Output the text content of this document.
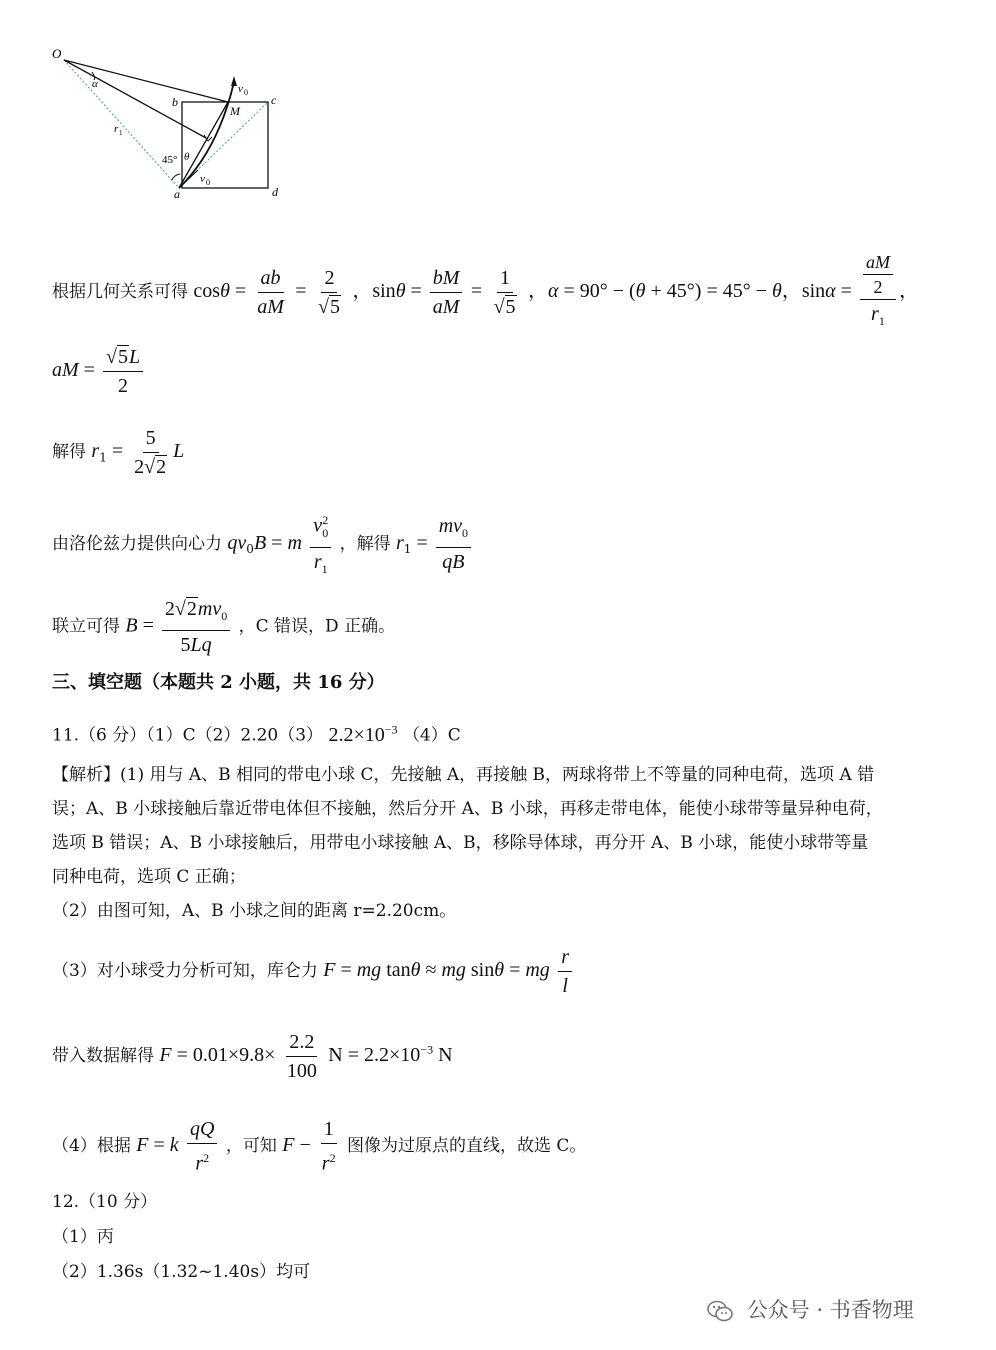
O
α	v 0
b
M
c
r 1
45° θ
v 0
a	d
根据几何关系可得 $\cos\theta = \frac{ab}{aM} = \frac{2}{√5}$ ，$\sin\theta = \frac{bM}{aM} = \frac{1}{√5}$ ，α = 90° − (θ + 45°) = 45° − θ，$\sin\alpha = \frac{\frac{aM}{2}}{r_1}$ ，
aM = $\frac{√5L}{2}$
解得 $r_1 = \frac{5}{2√2}$ L
由洛伦兹力提供向心力 $qv_0B = m \frac{v^2_0}{r_1}$ ，解得 $r_1 = \frac{mv_0}{qB}$
联立可得 $B = \frac{2√2mv_0}{5Lq}$ ，C 错误，D 正确。
三、填空题（本题共 2 小题，共 16 分）
11.（6 分）（1）C（2）2.20（3） $2.2\times 10^{-3}$ （4）C
【解析】(1) 用与 A、B 相同的带电小球 C，先接触 A，再接触 B，两球将带上不等量的同种电荷，选项 A 错
误；A、B 小球接触后靠近带电体但不接触，然后分开 A、B 小球，再移走带电体，能使小球带等量异种电荷，
选项 B 错误；A、B 小球接触后，用带电小球接触 A、B，移除导体球，再分开 A、B 小球，能使小球带等量
同种电荷，选项 C 正确；
（2）由图可知，A、B 小球之间的距离 r=2.20cm。
（3）对小球受力分析可知，库仑力 F = mg tanθ ≈ mg sinθ = mg $\frac{r}{l}$
带入数据解得 $F = 0.01\times 9.8\times \frac{2.2}{100}$ $N = 2.2\times 10^{-3}$ N
（4）根据 F = k $\frac{qQ}{r^2}$ ，可知 $F - \frac{1}{r^2}$ 图像为过原点的直线，故选 C。
12.（10 分）
（1）丙
（2）1.36s（1.32~1.40s）均可
公众号 · 书香物理
